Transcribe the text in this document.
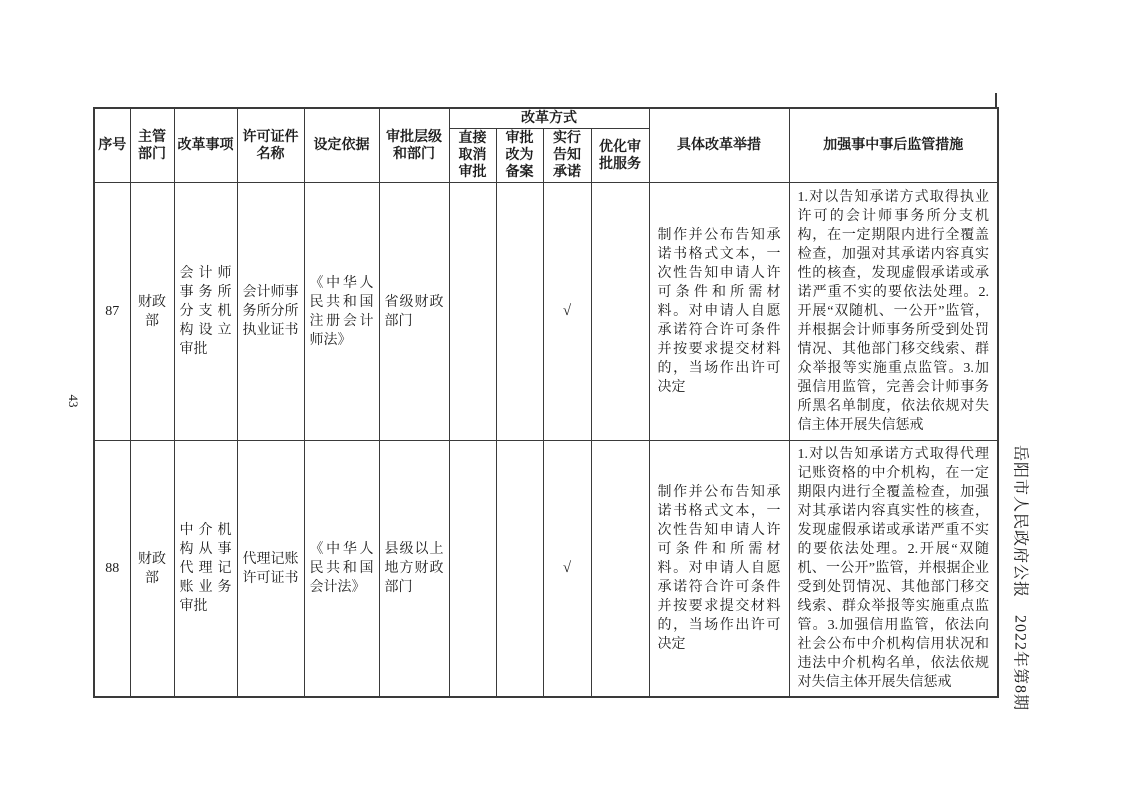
序号	主管部门	改革事项	许可证件名称	设定依据	审批层级和部门	改革方式				具体改革举措	加强事中事后监管措施
						直接取消审批	审批改为备案	实行告知承诺	优化审批服务		
87	财政部	会计师事务所分支机构设立审批	会计师事务所分所执业证书	《中华人民共和国注册会计师法》	省级财政部门			√		制作并公布告知承诺书格式文本，一次性告知申请人许可条件和所需材料。对申请人自愿承诺符合许可条件并按要求提交材料的，当场作出许可决定	1.对以告知承诺方式取得执业许可的会计师事务所分支机构，在一定期限内进行全覆盖检查，加强对其承诺内容真实性的核查，发现虚假承诺或承诺严重不实的要依法处理。2.开展“双随机、一公开”监管，并根据会计师事务所受到处罚情况、其他部门移交线索、群众举报等实施重点监管。3.加强信用监管，完善会计师事务所黑名单制度，依法依规对失信主体开展失信惩戒
88	财政部	中介机构从事代理记账业务审批	代理记账许可证书	《中华人民共和国会计法》	县级以上地方财政部门			√		制作并公布告知承诺书格式文本，一次性告知申请人许可条件和所需材料。对申请人自愿承诺符合许可条件并按要求提交材料的，当场作出许可决定	1.对以告知承诺方式取得代理记账资格的中介机构，在一定期限内进行全覆盖检查，加强对其承诺内容真实性的核查，发现虚假承诺或承诺严重不实的要依法处理。2.开展“双随机、一公开”监管，并根据企业受到处罚情况、其他部门移交线索、群众举报等实施重点监管。3.加强信用监管，依法向社会公布中介机构信用状况和违法中介机构名单，依法依规对失信主体开展失信惩戒
43
岳阳市人民政府公报　2022年第8期
